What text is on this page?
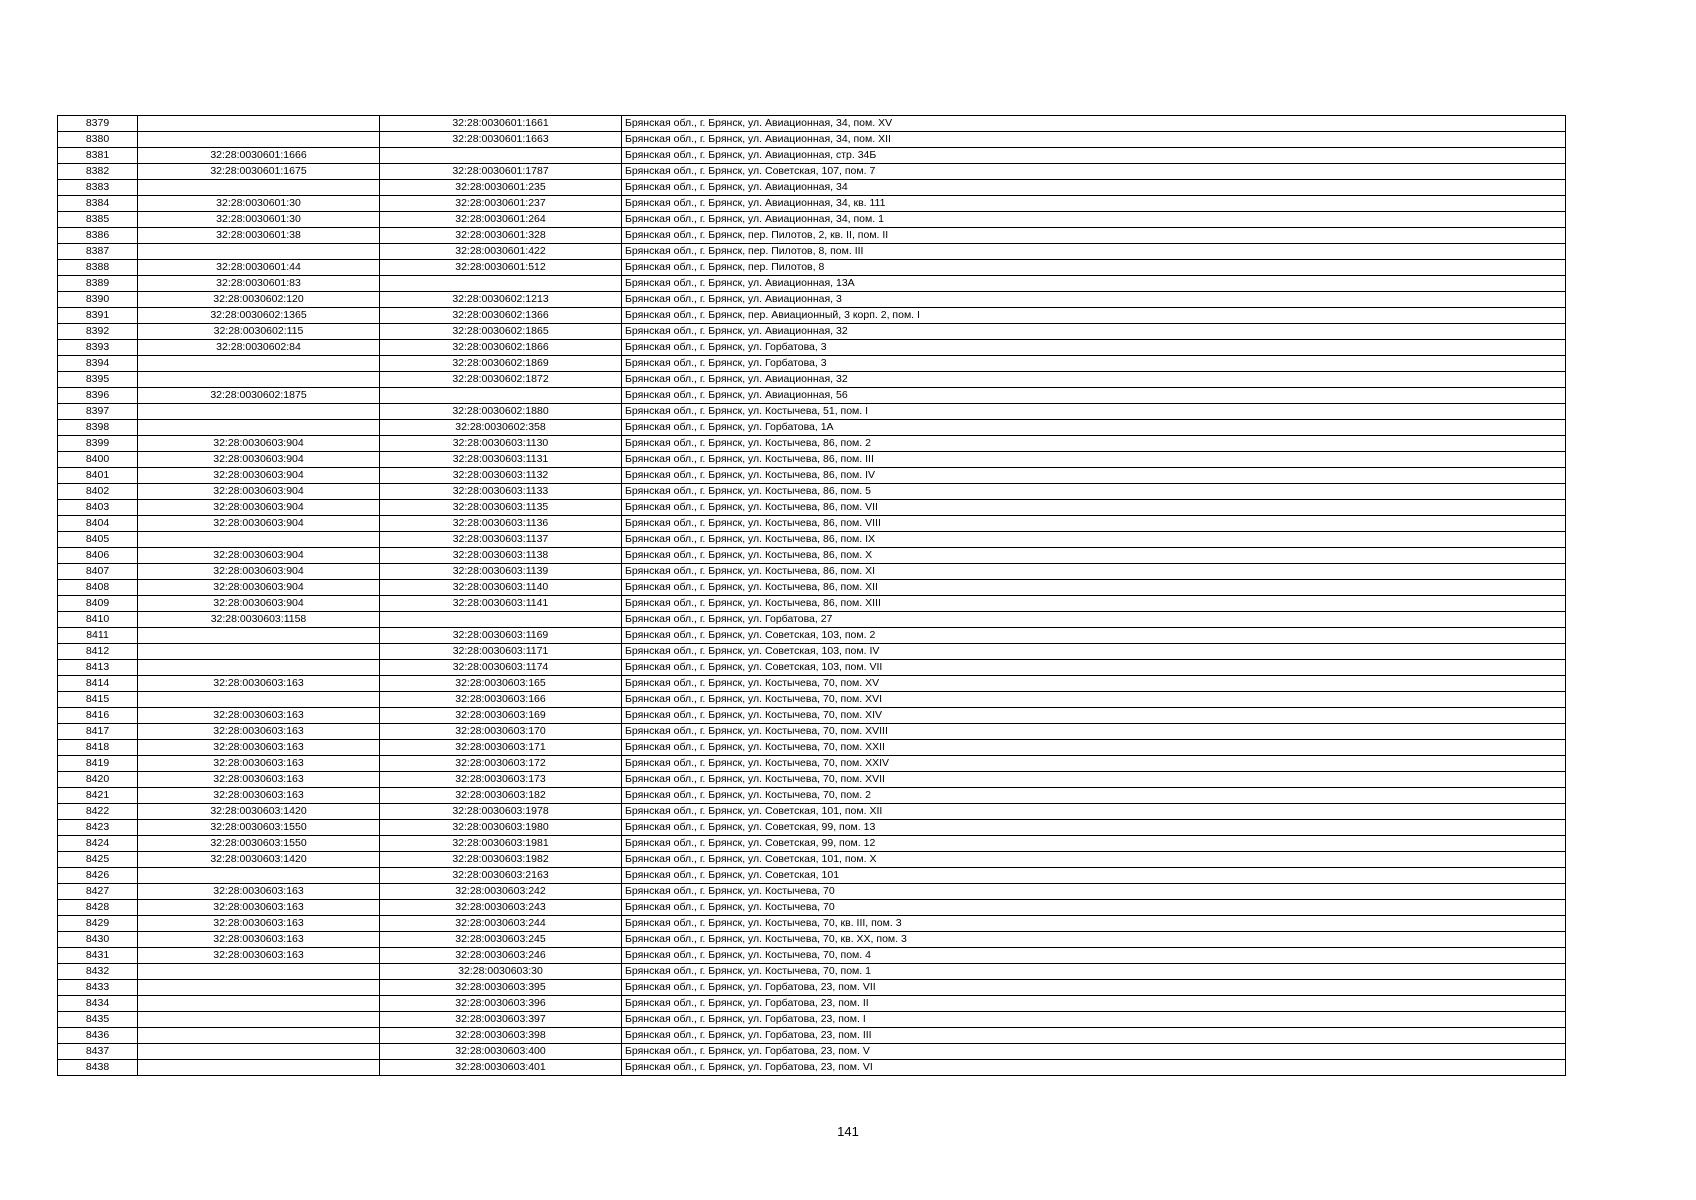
8379		32:28:0030601:1661	Брянская обл., г. Брянск, ул. Авиационная, 34, пом. XV
8380		32:28:0030601:1663	Брянская обл., г. Брянск, ул. Авиационная, 34, пом. XII
8381	32:28:0030601:1666		Брянская обл., г. Брянск, ул. Авиационная, стр. 34Б
8382	32:28:0030601:1675	32:28:0030601:1787	Брянская обл., г. Брянск, ул. Советская, 107, пом. 7
8383		32:28:0030601:235	Брянская обл., г. Брянск, ул. Авиационная, 34
8384	32:28:0030601:30	32:28:0030601:237	Брянская обл., г. Брянск, ул. Авиационная, 34, кв. 111
8385	32:28:0030601:30	32:28:0030601:264	Брянская обл., г. Брянск, ул. Авиационная, 34, пом. 1
8386	32:28:0030601:38	32:28:0030601:328	Брянская обл., г. Брянск, пер. Пилотов, 2, кв. II, пом. II
8387		32:28:0030601:422	Брянская обл., г. Брянск, пер. Пилотов, 8, пом. III
8388	32:28:0030601:44	32:28:0030601:512	Брянская обл., г. Брянск, пер. Пилотов, 8
8389	32:28:0030601:83		Брянская обл., г. Брянск, ул. Авиационная, 13А
8390	32:28:0030602:120	32:28:0030602:1213	Брянская обл., г. Брянск, ул. Авиационная, 3
8391	32:28:0030602:1365	32:28:0030602:1366	Брянская обл., г. Брянск, пер. Авиационный, 3 корп. 2, пом. I
8392	32:28:0030602:115	32:28:0030602:1865	Брянская обл., г. Брянск, ул. Авиационная, 32
8393	32:28:0030602:84	32:28:0030602:1866	Брянская обл., г. Брянск, ул. Горбатова, 3
8394		32:28:0030602:1869	Брянская обл., г. Брянск, ул. Горбатова, 3
8395		32:28:0030602:1872	Брянская обл., г. Брянск, ул. Авиационная, 32
8396	32:28:0030602:1875		Брянская обл., г. Брянск, ул. Авиационная, 56
8397		32:28:0030602:1880	Брянская обл., г. Брянск, ул. Костычева, 51, пом. I
8398		32:28:0030602:358	Брянская обл., г. Брянск, ул. Горбатова, 1А
8399	32:28:0030603:904	32:28:0030603:1130	Брянская обл., г. Брянск, ул. Костычева, 86, пом. 2
8400	32:28:0030603:904	32:28:0030603:1131	Брянская обл., г. Брянск, ул. Костычева, 86, пом. III
8401	32:28:0030603:904	32:28:0030603:1132	Брянская обл., г. Брянск, ул. Костычева, 86, пом. IV
8402	32:28:0030603:904	32:28:0030603:1133	Брянская обл., г. Брянск, ул. Костычева, 86, пом. 5
8403	32:28:0030603:904	32:28:0030603:1135	Брянская обл., г. Брянск, ул. Костычева, 86, пом. VII
8404	32:28:0030603:904	32:28:0030603:1136	Брянская обл., г. Брянск, ул. Костычева, 86, пом. VIII
8405		32:28:0030603:1137	Брянская обл., г. Брянск, ул. Костычева, 86, пом. IX
8406	32:28:0030603:904	32:28:0030603:1138	Брянская обл., г. Брянск, ул. Костычева, 86, пом. X
8407	32:28:0030603:904	32:28:0030603:1139	Брянская обл., г. Брянск, ул. Костычева, 86, пом. XI
8408	32:28:0030603:904	32:28:0030603:1140	Брянская обл., г. Брянск, ул. Костычева, 86, пом. XII
8409	32:28:0030603:904	32:28:0030603:1141	Брянская обл., г. Брянск, ул. Костычева, 86, пом. XIII
8410	32:28:0030603:1158		Брянская обл., г. Брянск, ул. Горбатова, 27
8411		32:28:0030603:1169	Брянская обл., г. Брянск, ул. Советская, 103, пом. 2
8412		32:28:0030603:1171	Брянская обл., г. Брянск, ул. Советская, 103, пом. IV
8413		32:28:0030603:1174	Брянская обл., г. Брянск, ул. Советская, 103, пом. VII
8414	32:28:0030603:163	32:28:0030603:165	Брянская обл., г. Брянск, ул. Костычева, 70, пом. XV
8415		32:28:0030603:166	Брянская обл., г. Брянск, ул. Костычева, 70, пом. XVI
8416	32:28:0030603:163	32:28:0030603:169	Брянская обл., г. Брянск, ул. Костычева, 70, пом. XIV
8417	32:28:0030603:163	32:28:0030603:170	Брянская обл., г. Брянск, ул. Костычева, 70, пом. XVIII
8418	32:28:0030603:163	32:28:0030603:171	Брянская обл., г. Брянск, ул. Костычева, 70, пом. XXII
8419	32:28:0030603:163	32:28:0030603:172	Брянская обл., г. Брянск, ул. Костычева, 70, пом. XXIV
8420	32:28:0030603:163	32:28:0030603:173	Брянская обл., г. Брянск, ул. Костычева, 70, пом. XVII
8421	32:28:0030603:163	32:28:0030603:182	Брянская обл., г. Брянск, ул. Костычева, 70, пом. 2
8422	32:28:0030603:1420	32:28:0030603:1978	Брянская обл., г. Брянск, ул. Советская, 101, пом. XII
8423	32:28:0030603:1550	32:28:0030603:1980	Брянская обл., г. Брянск, ул. Советская, 99, пом. 13
8424	32:28:0030603:1550	32:28:0030603:1981	Брянская обл., г. Брянск, ул. Советская, 99, пом. 12
8425	32:28:0030603:1420	32:28:0030603:1982	Брянская обл., г. Брянск, ул. Советская, 101, пом. X
8426		32:28:0030603:2163	Брянская обл., г. Брянск, ул. Советская, 101
8427	32:28:0030603:163	32:28:0030603:242	Брянская обл., г. Брянск, ул. Костычева, 70
8428	32:28:0030603:163	32:28:0030603:243	Брянская обл., г. Брянск, ул. Костычева, 70
8429	32:28:0030603:163	32:28:0030603:244	Брянская обл., г. Брянск, ул. Костычева, 70, кв. III, пом. 3
8430	32:28:0030603:163	32:28:0030603:245	Брянская обл., г. Брянск, ул. Костычева, 70, кв. XX, пом. 3
8431	32:28:0030603:163	32:28:0030603:246	Брянская обл., г. Брянск, ул. Костычева, 70, пом. 4
8432		32:28:0030603:30	Брянская обл., г. Брянск, ул. Костычева, 70, пом. 1
8433		32:28:0030603:395	Брянская обл., г. Брянск, ул. Горбатова, 23, пом. VII
8434		32:28:0030603:396	Брянская обл., г. Брянск, ул. Горбатова, 23, пом. II
8435		32:28:0030603:397	Брянская обл., г. Брянск, ул. Горбатова, 23, пом. I
8436		32:28:0030603:398	Брянская обл., г. Брянск, ул. Горбатова, 23, пом. III
8437		32:28:0030603:400	Брянская обл., г. Брянск, ул. Горбатова, 23, пом. V
8438		32:28:0030603:401	Брянская обл., г. Брянск, ул. Горбатова, 23, пом. VI
141
